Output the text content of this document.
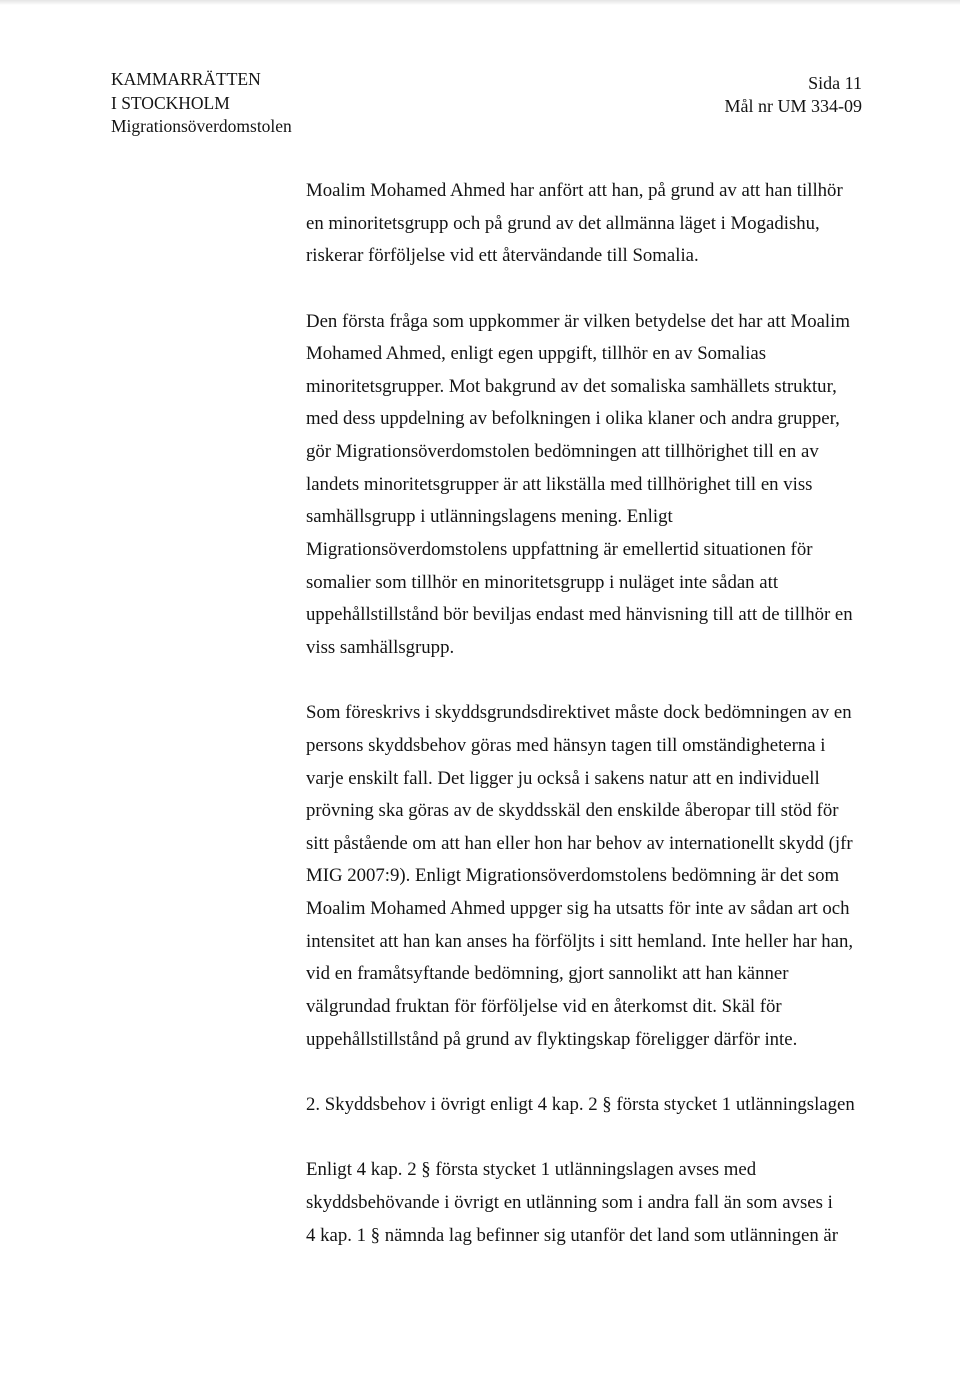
KAMMARRÄTTEN
I STOCKHOLM
Migrationsöverdomstolen
Sida 11
Mål nr UM 334-09
Moalim Mohamed Ahmed har anfört att han, på grund av att han tillhör
en minoritetsgrupp och på grund av det allmänna läget i Mogadishu,
riskerar förföljelse vid ett återvändande till Somalia.
Den första fråga som uppkommer är vilken betydelse det har att Moalim
Mohamed Ahmed, enligt egen uppgift, tillhör en av Somalias
minoritetsgrupper. Mot bakgrund av det somaliska samhällets struktur,
med dess uppdelning av befolkningen i olika klaner och andra grupper,
gör Migrationsöverdomstolen bedömningen att tillhörighet till en av
landets minoritetsgrupper är att likställa med tillhörighet till en viss
samhällsgrupp i utlänningslagens mening. Enligt
Migrationsöverdomstolens uppfattning är emellertid situationen för
somalier som tillhör en minoritetsgrupp i nuläget inte sådan att
uppehållstillstånd bör beviljas endast med hänvisning till att de tillhör en
viss samhällsgrupp.
Som föreskrivs i skyddsgrundsdirektivet måste dock bedömningen av en
persons skyddsbehov göras med hänsyn tagen till omständigheterna i
varje enskilt fall. Det ligger ju också i sakens natur att en individuell
prövning ska göras av de skyddsskäl den enskilde åberopar till stöd för
sitt påstående om att han eller hon har behov av internationellt skydd (jfr
MIG 2007:9). Enligt Migrationsöverdomstolens bedömning är det som
Moalim Mohamed Ahmed uppger sig ha utsatts för inte av sådan art och
intensitet att han kan anses ha förföljts i sitt hemland. Inte heller har han,
vid en framåtsyftande bedömning, gjort sannolikt att han känner
välgrundad fruktan för förföljelse vid en återkomst dit. Skäl för
uppehållstillstånd på grund av flyktingskap föreligger därför inte.
2. Skyddsbehov i övrigt enligt 4 kap. 2 § första stycket 1 utlänningslagen
Enligt 4 kap. 2 § första stycket 1 utlänningslagen avses med
skyddsbehövande i övrigt en utlänning som i andra fall än som avses i
4 kap. 1 § nämnda lag befinner sig utanför det land som utlänningen är
